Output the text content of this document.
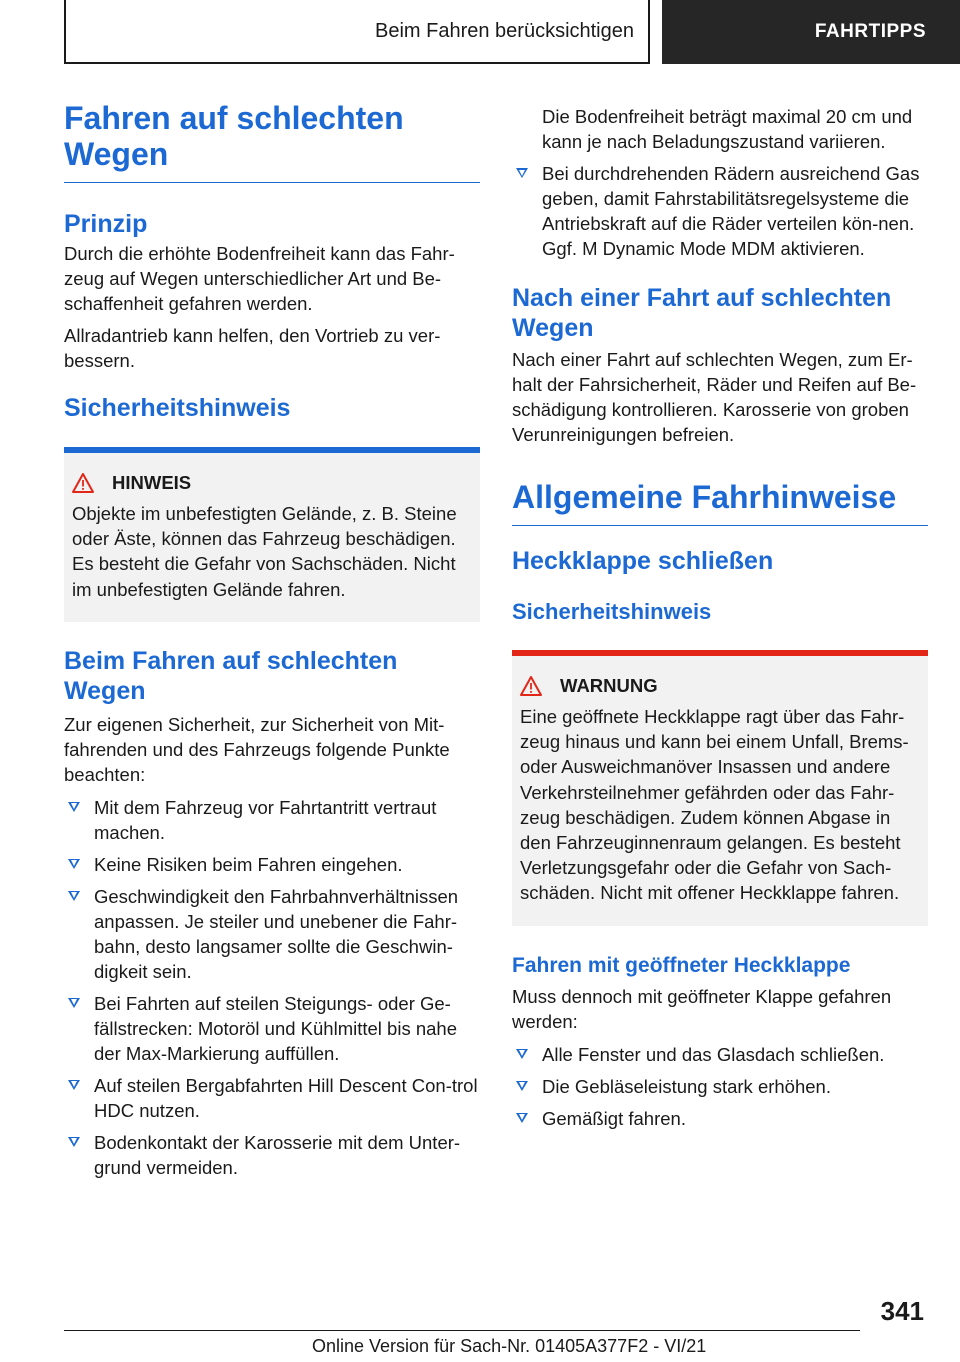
Beim Fahren berücksichtigen	FAHRTIPPS
Fahren auf schlechten Wegen
Prinzip

Durch die erhöhte Bodenfreiheit kann das Fahr-zeug auf Wegen unterschiedlicher Art und Be-schaffenheit gefahren werden.

Allradantrieb kann helfen, den Vortrieb zu ver-bessern.

Sicherheitshinweis
HINWEIS

Objekte im unbefestigten Gelände, z. B. Steine oder Äste, können das Fahrzeug beschädigen. Es besteht die Gefahr von Sachschäden. Nicht im unbefestigten Gelände fahren.

Beim Fahren auf schlechten Wegen

Zur eigenen Sicherheit, zur Sicherheit von Mit-fahrenden und des Fahrzeugs folgende Punkte beachten:

Mit dem Fahrzeug vor Fahrtantritt vertraut machen.
Keine Risiken beim Fahren eingehen.
Geschwindigkeit den Fahrbahnverhältnissen anpassen. Je steiler und unebener die Fahr-bahn, desto langsamer sollte die Geschwin-digkeit sein.
Bei Fahrten auf steilen Steigungs- oder Ge-fällstrecken: Motoröl und Kühlmittel bis nahe der Max-Markierung auffüllen.
Auf steilen Bergabfahrten Hill Descent Con-trol HDC nutzen.
Bodenkontakt der Karosserie mit dem Unter-grund vermeiden.
Die Bodenfreiheit beträgt maximal 20 cm und kann je nach Beladungszustand variieren.
Bei durchdrehenden Rädern ausreichend Gas geben, damit Fahrstabilitätsregelsysteme die Antriebskraft auf die Räder verteilen kön-nen. Ggf. M Dynamic Mode MDM aktivieren.
Nach einer Fahrt auf schlechten Wegen

Nach einer Fahrt auf schlechten Wegen, zum Er-halt der Fahrsicherheit, Räder und Reifen auf Be-schädigung kontrollieren. Karosserie von groben Verunreinigungen befreien.

Allgemeine Fahrhinweise
Heckklappe schließen
Sicherheitshinweis
WARNUNG

Eine geöffnete Heckklappe ragt über das Fahr-zeug hinaus und kann bei einem Unfall, Brems- oder Ausweichmanöver Insassen und andere Verkehrsteilnehmer gefährden oder das Fahr-zeug beschädigen. Zudem können Abgase in den Fahrzeuginnenraum gelangen. Es besteht Verletzungsgefahr oder die Gefahr von Sach-schäden. Nicht mit offener Heckklappe fahren.

Fahren mit geöffneter Heckklappe

Muss dennoch mit geöffneter Klappe gefahren werden:

Alle Fenster und das Glasdach schließen.
Die Gebläseleistung stark erhöhen.
Gemäßigt fahren.
341
Online Version für Sach-Nr. 01405A377F2 - VI/21
